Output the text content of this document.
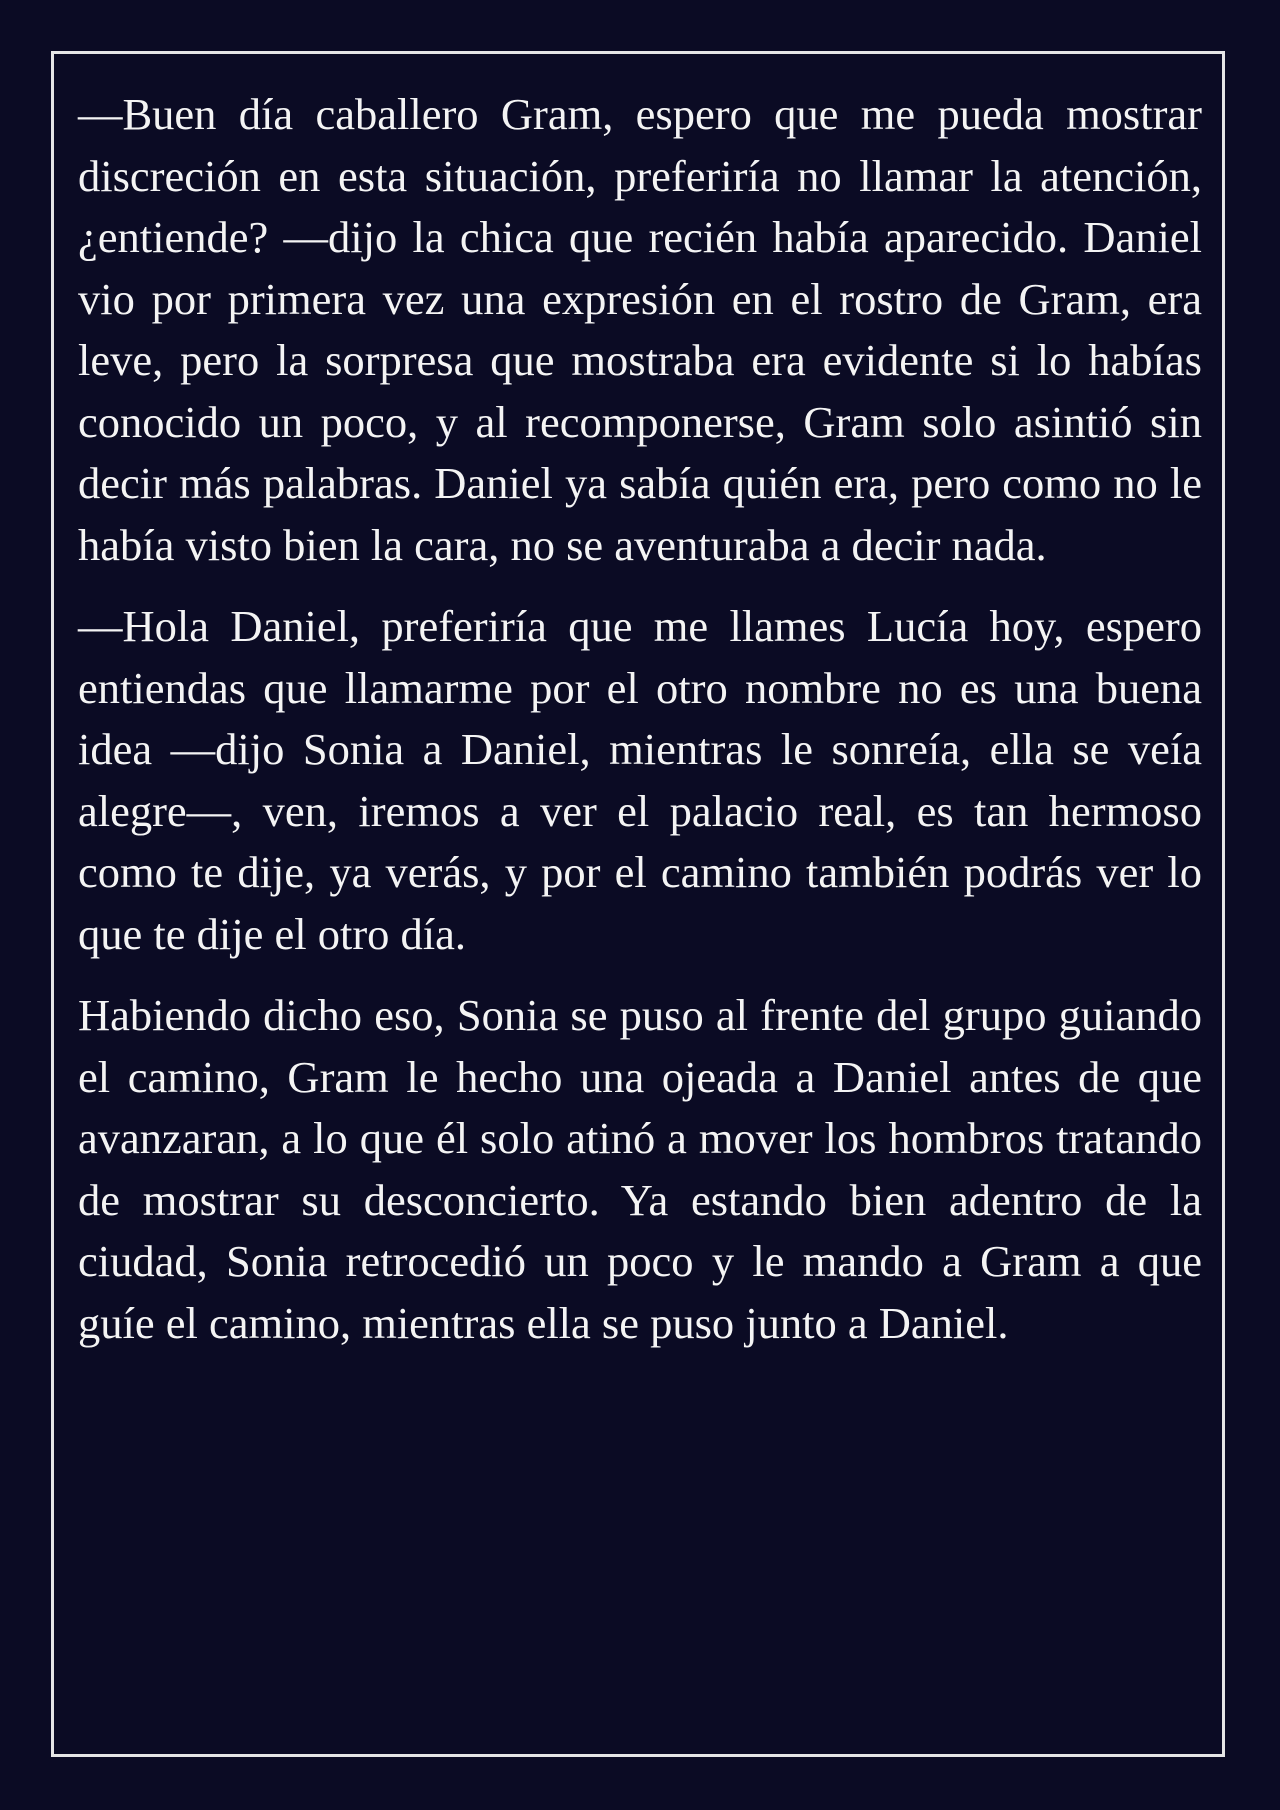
—Buen día caballero Gram, espero que me pueda mostrar discreción en esta situación, preferiría no llamar la atención, ¿entiende? —dijo la chica que recién había aparecido. Daniel vio por primera vez una expresión en el rostro de Gram, era leve, pero la sorpresa que mostraba era evidente si lo habías conocido un poco, y al recomponerse, Gram solo asintió sin decir más palabras. Daniel ya sabía quién era, pero como no le había visto bien la cara, no se aventuraba a decir nada.

—Hola Daniel, preferiría que me llames Lucía hoy, espero entiendas que llamarme por el otro nombre no es una buena idea —dijo Sonia a Daniel, mientras le sonreía, ella se veía alegre—, ven, iremos a ver el palacio real, es tan hermoso como te dije, ya verás, y por el camino también podrás ver lo que te dije el otro día.

Habiendo dicho eso, Sonia se puso al frente del grupo guiando el camino, Gram le hecho una ojeada a Daniel antes de que avanzaran, a lo que él solo atinó a mover los hombros tratando de mostrar su desconcierto. Ya estando bien adentro de la ciudad, Sonia retrocedió un poco y le mando a Gram a que guíe el camino, mientras ella se puso junto a Daniel.
